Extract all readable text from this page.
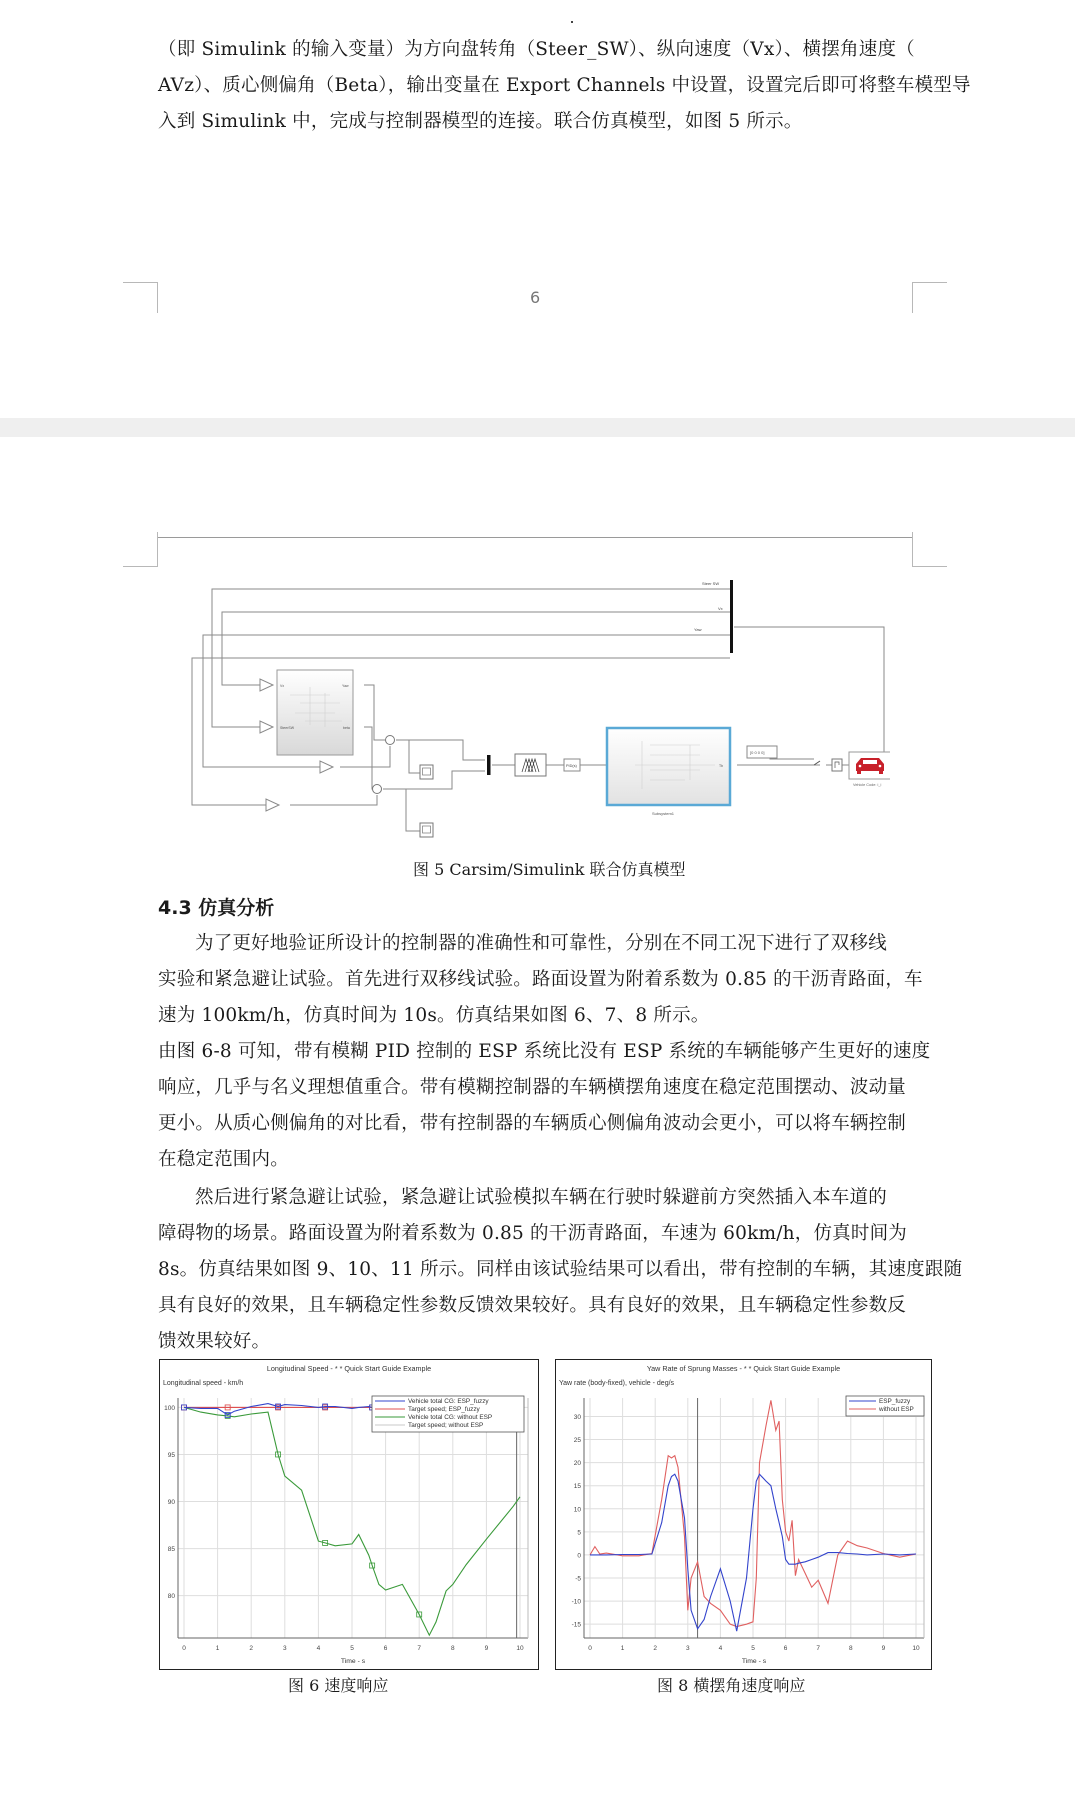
（即 Simulink 的输入变量）为方向盘转角（Steer_SW）、纵向速度（Vx）、横摆角速度（
AVz）、质心侧偏角（Beta），输出变量在 Export Channels 中设置，设置完后即可将整车模型导
入到 Simulink 中，完成与控制器模型的连接。联合仿真模型，如图 5 所示。
6
Steer SW
Vx
Yaw
Vx
SteerSW
Yaw
beta
PID(s)
Subsystem1
Tb
[0 0 0 0]
Vehicle Code: i_i
图 5 Carsim/Simulink 联合仿真模型
4.3 仿真分析
为了更好地验证所设计的控制器的准确性和可靠性，分别在不同工况下进行了双移线
实验和紧急避让试验。首先进行双移线试验。路面设置为附着系数为 0.85 的干沥青路面，车
速为 100km/h，仿真时间为 10s。仿真结果如图 6、7、8 所示。
由图 6-8 可知，带有模糊 PID 控制的 ESP 系统比没有 ESP 系统的车辆能够产生更好的速度
响应，几乎与名义理想值重合。带有模糊控制器的车辆横摆角速度在稳定范围摆动、波动量
更小。从质心侧偏角的对比看，带有控制器的车辆质心侧偏角波动会更小，可以将车辆控制
在稳定范围内。
然后进行紧急避让试验，紧急避让试验模拟车辆在行驶时躲避前方突然插入本车道的
障碍物的场景。路面设置为附着系数为 0.85 的干沥青路面，车速为 60km/h，仿真时间为
8s。仿真结果如图 9、10、11 所示。同样由该试验结果可以看出，带有控制的车辆，其速度跟随
具有良好的效果，且车辆稳定性参数反馈效果较好。具有良好的效果，且车辆稳定性参数反
馈效果较好。
Longitudinal Speed - * * Quick Start Guide Example
Longitudinal speed - km/h
0	1	2	3	4	5	6	7	8	9	10
80
85
90
95
100
Time - s
Vehicle total CG: ESP_fuzzy
Target speed; ESP_fuzzy
Vehicle total CG: without ESP
Target speed; without ESP
图 6 速度响应
Yaw Rate of Sprung Masses - * * Quick Start Guide Example
Yaw rate (body-fixed), vehicle - deg/s
0	1	2	3	4	5	6	7	8	9	10
-15
-10
-5
0
5
10
15
20
25
30
Time - s
ESP_fuzzy
without ESP
图 8 横摆角速度响应
